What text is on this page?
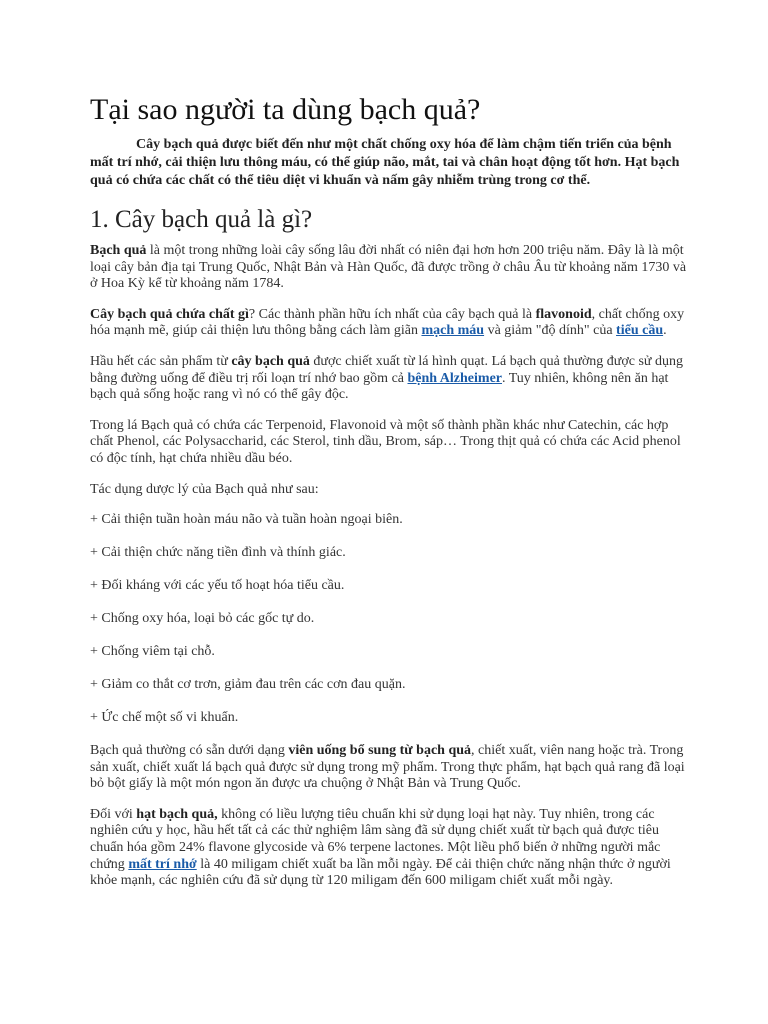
Tại sao người ta dùng bạch quả?

Cây bạch quả được biết đến như một chất chống oxy hóa để làm chậm tiến triển của bệnh mất trí nhớ, cải thiện lưu thông máu, có thể giúp não, mắt, tai và chân hoạt động tốt hơn. Hạt bạch quả có chứa các chất có thể tiêu diệt vi khuẩn và nấm gây nhiễm trùng trong cơ thể.

1. Cây bạch quả là gì?

Bạch quả là một trong những loài cây sống lâu đời nhất có niên đại hơn hơn 200 triệu năm. Đây là là một loại cây bản địa tại Trung Quốc, Nhật Bản và Hàn Quốc, đã được trồng ở châu Âu từ khoảng năm 1730 và ở Hoa Kỳ kể từ khoảng năm 1784.

Cây bạch quả chứa chất gì? Các thành phần hữu ích nhất của cây bạch quả là flavonoid, chất chống oxy hóa mạnh mẽ, giúp cải thiện lưu thông bằng cách làm giãn mạch máu và giảm "độ dính" của tiểu cầu.

Hầu hết các sản phẩm từ cây bạch quả được chiết xuất từ lá hình quạt. Lá bạch quả thường được sử dụng bằng đường uống để điều trị rối loạn trí nhớ bao gồm cả bệnh Alzheimer. Tuy nhiên, không nên ăn hạt bạch quả sống hoặc rang vì nó có thể gây độc.

Trong lá Bạch quả có chứa các Terpenoid, Flavonoid và một số thành phần khác như Catechin, các hợp chất Phenol, các Polysaccharid, các Sterol, tinh dầu, Brom, sáp… Trong thịt quả có chứa các Acid phenol có độc tính, hạt chứa nhiều dầu béo.

Tác dụng dược lý của Bạch quả như sau:

+ Cải thiện tuần hoàn máu não và tuần hoàn ngoại biên.

+ Cải thiện chức năng tiền đình và thính giác.

+ Đối kháng với các yếu tố hoạt hóa tiểu cầu.

+ Chống oxy hóa, loại bỏ các gốc tự do.

+ Chống viêm tại chỗ.

+ Giảm co thắt cơ trơn, giảm đau trên các cơn đau quặn.

+ Ức chế một số vi khuẩn.

Bạch quả thường có sẵn dưới dạng viên uống bổ sung từ bạch quả, chiết xuất, viên nang hoặc trà. Trong sản xuất, chiết xuất lá bạch quả được sử dụng trong mỹ phẩm. Trong thực phẩm, hạt bạch quả rang đã loại bỏ bột giấy là một món ngon ăn được ưa chuộng ở Nhật Bản và Trung Quốc.

Đối với hạt bạch quả, không có liều lượng tiêu chuẩn khi sử dụng loại hạt này. Tuy nhiên, trong các nghiên cứu y học, hầu hết tất cả các thử nghiệm lâm sàng đã sử dụng chiết xuất từ bạch quả được tiêu chuẩn hóa gồm 24% flavone glycoside và 6% terpene lactones. Một liều phổ biến ở những người mắc chứng mất trí nhớ là 40 miligam chiết xuất ba lần mỗi ngày. Để cải thiện chức năng nhận thức ở người khỏe mạnh, các nghiên cứu đã sử dụng từ 120 miligam đến 600 miligam chiết xuất mỗi ngày.
